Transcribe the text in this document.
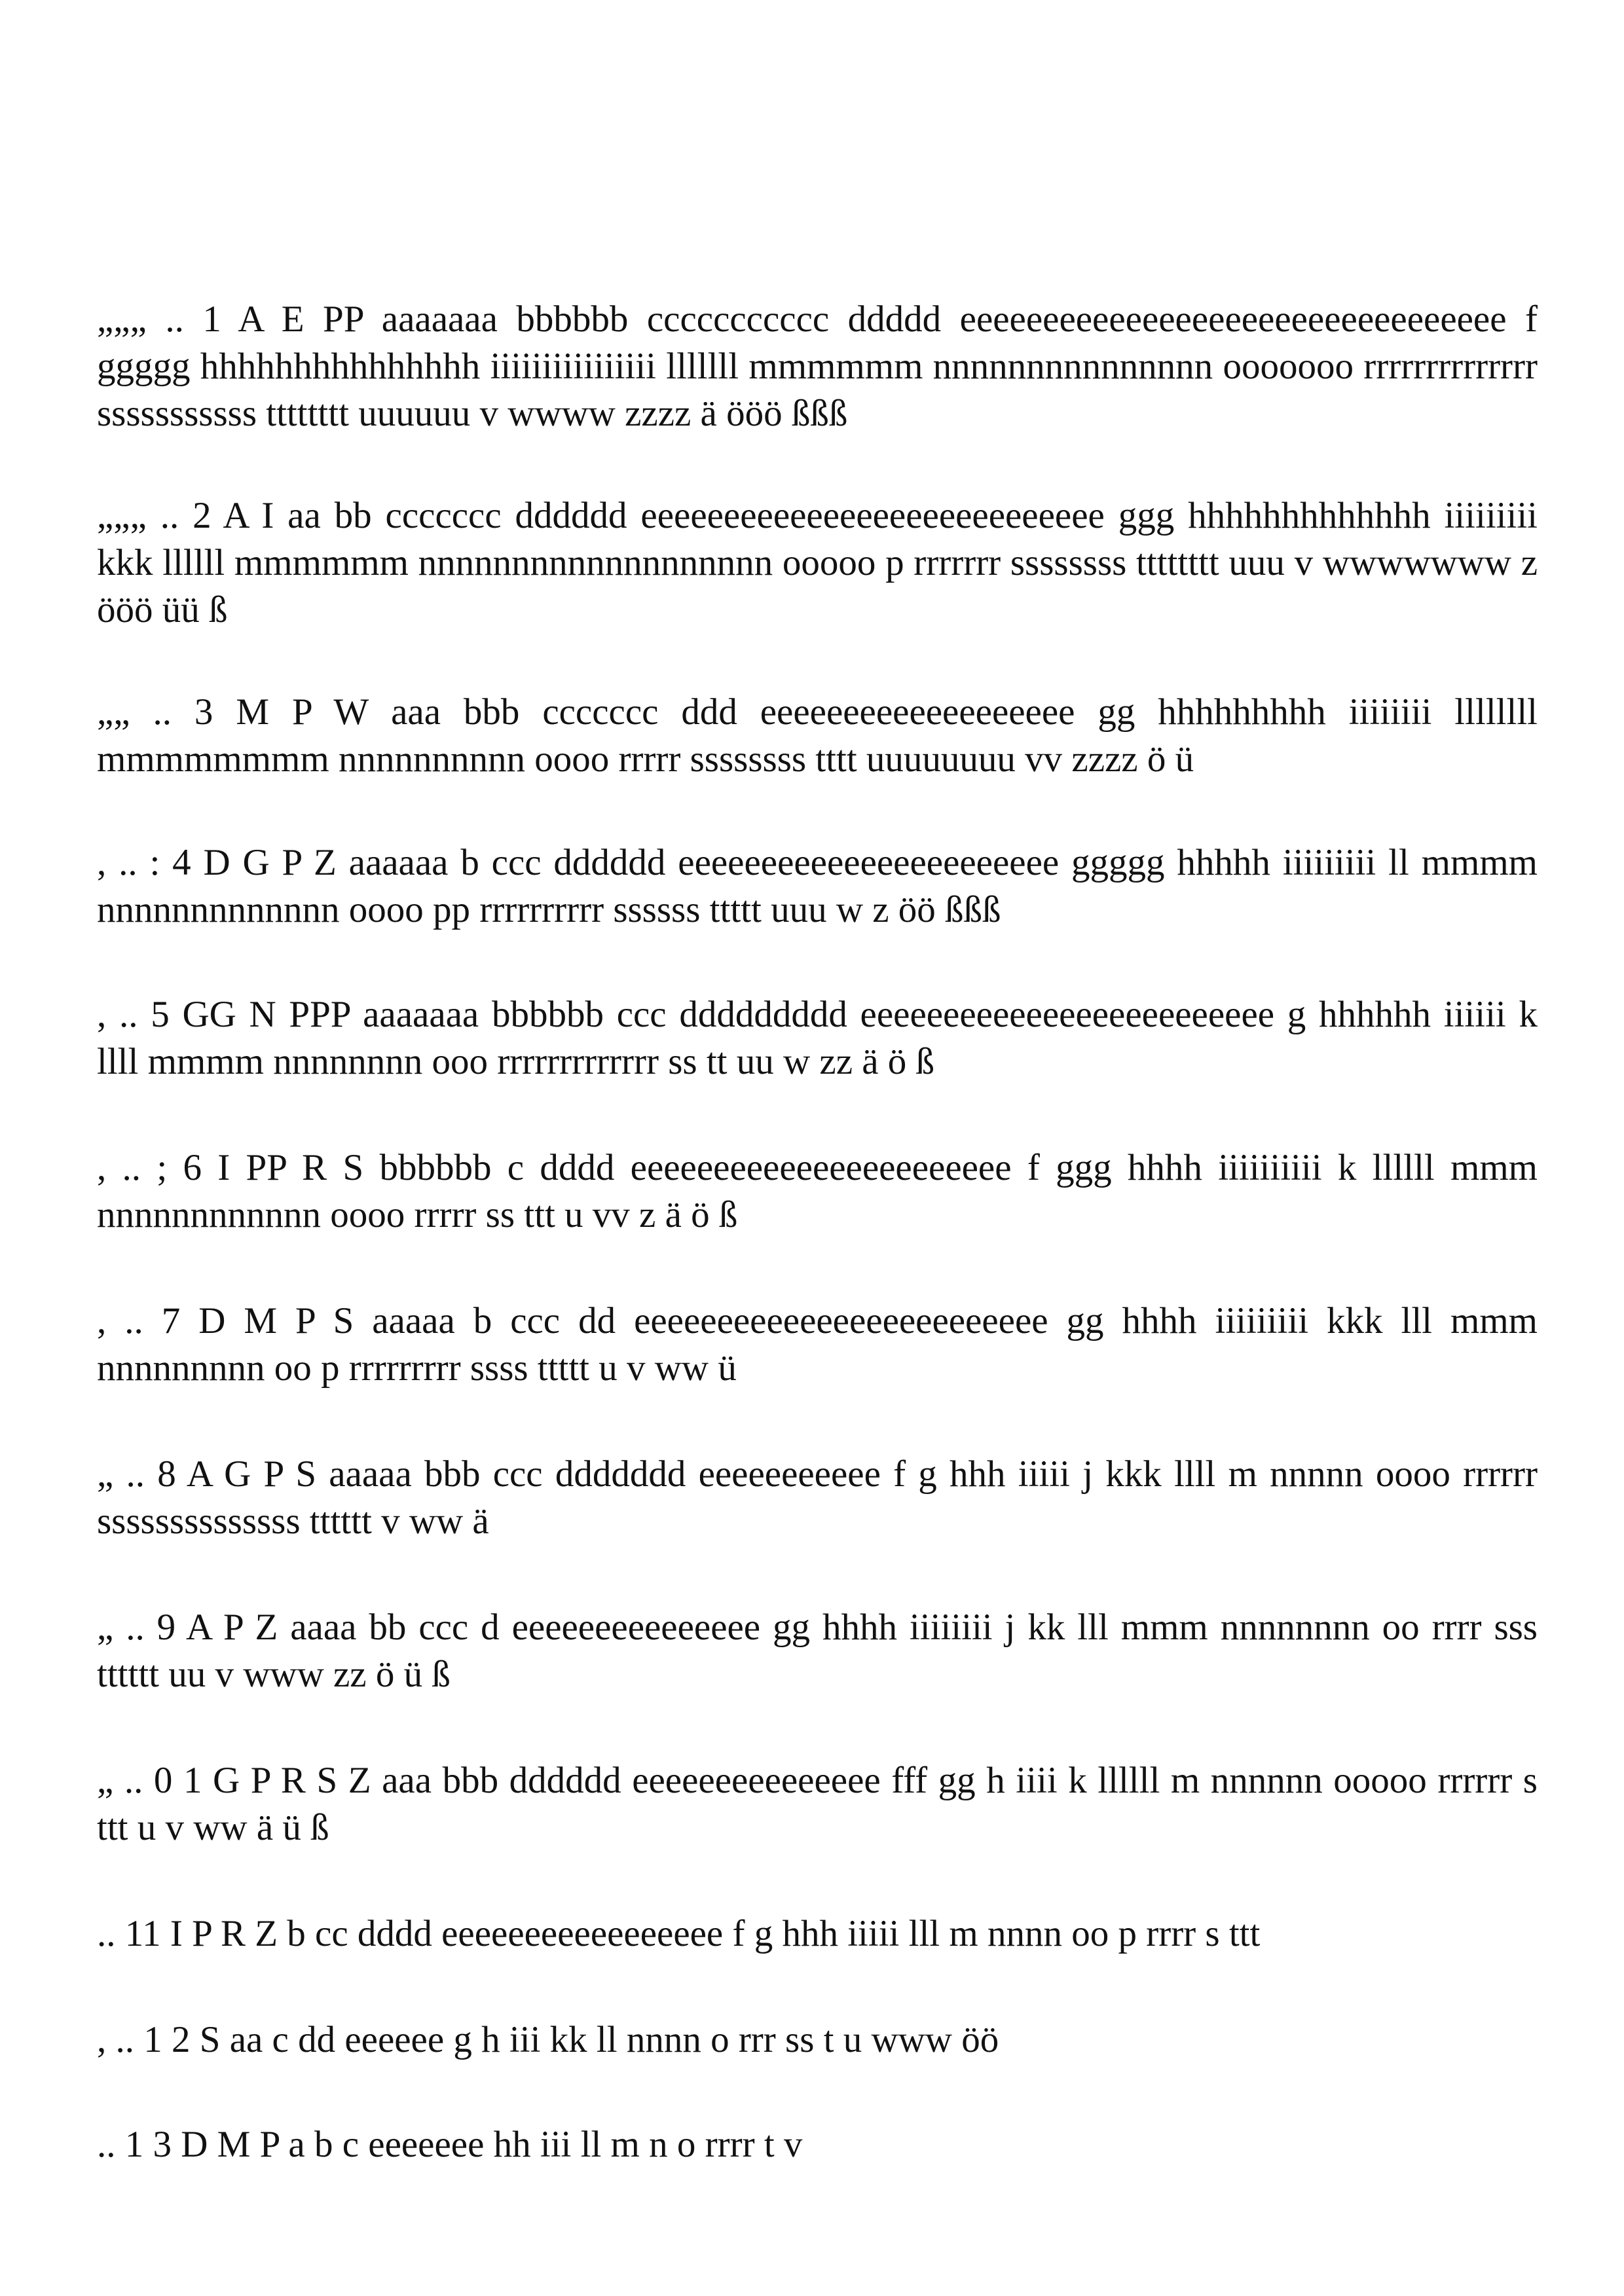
„„„ .. 1 A E PP aaaaaaa bbbbbb ccccccccccc ddddd eeeeeeeeeeeeeeeeeeeeeeeeeeeeeeeee f ggggg hhhhhhhhhhhhhhh iiiiiiiiiiiiiiii lllllll mmmmmm nnnnnnnnnnnnnnn ooooooo rrrrrrrrrrrrrr sssssssssss tttttttt uuuuuu v wwww zzzz ä ööö ßßß

„„„ .. 2 A I aa bb ccccccc dddddd eeeeeeeeeeeeeeeeeeeeeeeeeeee ggg hhhhhhhhhhhhh iiiiiiiii kkk llllll mmmmmm nnnnnnnnnnnnnnnnnnn ooooo p rrrrrrr ssssssss tttttttt uuu v wwwwwww z ööö üü ß

„„ .. 3 M P W aaa bbb ccccccc ddd eeeeeeeeeeeeeeeeeee gg hhhhhhhhh iiiiiiii llllllll mmmmmmmm nnnnnnnnnn oooo rrrrr ssssssss tttt uuuuuuuu vv zzzz ö ü

, .. : 4 D G P Z aaaaaa b ccc dddddd eeeeeeeeeeeeeeeeeeeeeee ggggg hhhhh iiiiiiiii ll mmmm nnnnnnnnnnnnn oooo pp rrrrrrrrrr ssssss ttttt uuu w z öö ßßß

, .. 5 GG N PPP aaaaaaa bbbbbb ccc ddddddddd eeeeeeeeeeeeeeeeeeeeeeeee g hhhhhh iiiiii k llll mmmm nnnnnnnn ooo rrrrrrrrrrrrr ss tt uu w zz ä ö ß

, .. ; 6 I PP R S bbbbbb c dddd eeeeeeeeeeeeeeeeeeeeeee f ggg hhhh iiiiiiiiii k llllll mmm nnnnnnnnnnnn oooo rrrrr ss ttt u vv z ä ö ß

, .. 7 D M P S aaaaa b ccc dd eeeeeeeeeeeeeeeeeeeeeeeee gg hhhh iiiiiiiii kkk lll mmm nnnnnnnnn oo p rrrrrrrrr ssss ttttt u v ww ü

„ .. 8 A G P S aaaaa bbb ccc ddddddd eeeeeeeeeee f g hhh iiiii j kkk llll m nnnnn oooo rrrrrr ssssssssssssss tttttt v ww ä

„ .. 9 A P Z aaaa bb ccc d eeeeeeeeeeeeeee gg hhhh iiiiiiii j kk lll mmm nnnnnnnn oo rrrr sss tttttt uu v www zz ö ü ß

„ .. 0 1 G P R S Z aaa bbb dddddd eeeeeeeeeeeeeee fff gg h iiii k llllll m nnnnnn ooooo rrrrrr s ttt u v ww ä ü ß

.. 11 I P R Z b cc dddd eeeeeeeeeeeeeeeee f g hhh iiiii lll m nnnn oo p rrrr s ttt

, .. 1 2 S aa c dd eeeeee g h iii kk ll nnnn o rrr ss t u www öö

.. 1 3 D M P a b c eeeeeee hh iii ll m n o rrrr t v
